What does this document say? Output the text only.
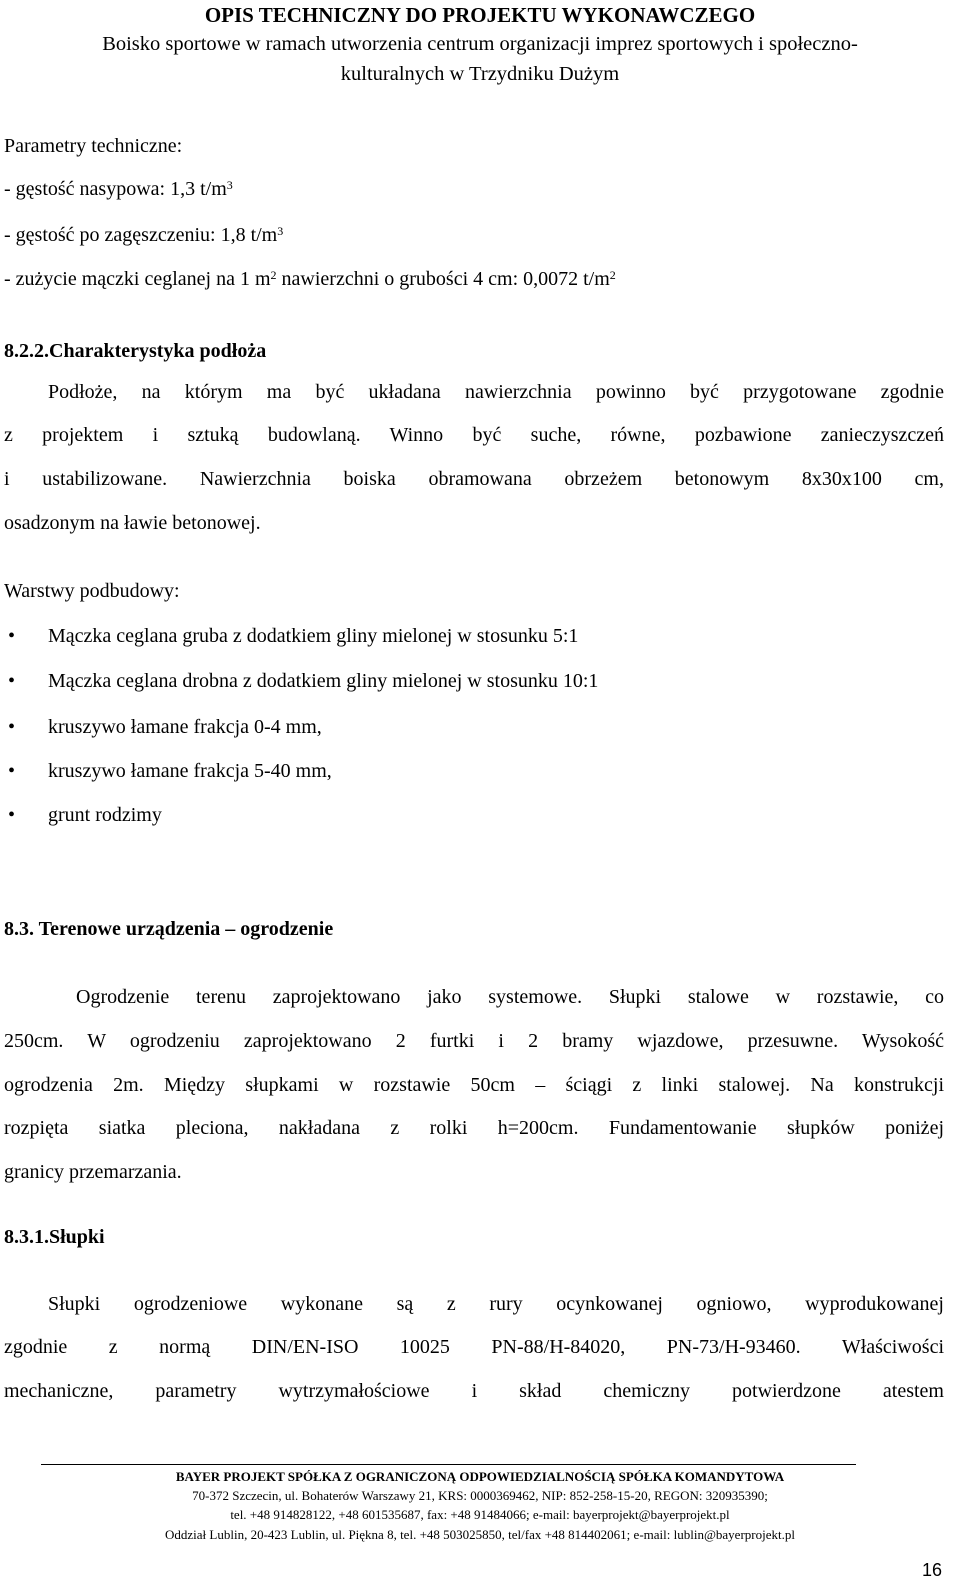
OPIS TECHNICZNY DO PROJEKTU WYKONAWCZEGO
Boisko sportowe w ramach utworzenia centrum organizacji imprez sportowych i społeczno-
kulturalnych w Trzydniku Dużym
Parametry techniczne:
- gęstość nasypowa: 1,3 $t/m^3$
- gęstość po zagęszczeniu: 1,8 $t/m^3$
- zużycie mączki ceglanej na 1 $m^2$ nawierzchni o grubości 4 cm: 0,0072 $t/m^2$
8.2.2.Charakterystyka podłoża
Podłoże, na którym ma być układana nawierzchnia powinno być przygotowane zgodnie
z projektem i sztuką budowlaną. Winno być suche, równe, pozbawione zanieczyszczeń
i ustabilizowane. Nawierzchnia boiska obramowana obrzeżem betonowym 8x30x100 cm,
osadzonym na ławie betonowej.
Warstwy podbudowy:
• Mączka ceglana gruba z dodatkiem gliny mielonej w stosunku 5:1
• Mączka ceglana drobna z dodatkiem gliny mielonej w stosunku 10:1
• kruszywo łamane frakcja 0-4 mm,
• kruszywo łamane frakcja 5-40 mm,
• grunt rodzimy
8.3. Terenowe urządzenia – ogrodzenie
Ogrodzenie terenu zaprojektowano jako systemowe. Słupki stalowe w rozstawie, co
250cm. W ogrodzeniu zaprojektowano 2 furtki i 2 bramy wjazdowe, przesuwne. Wysokość
ogrodzenia 2m. Między słupkami w rozstawie 50cm – ściągi z linki stalowej. Na konstrukcji
rozpięta siatka pleciona, nakładana z rolki h=200cm. Fundamentowanie słupków poniżej
granicy przemarzania.
8.3.1.Słupki
Słupki ogrodzeniowe wykonane są z rury ocynkowanej ogniowo, wyprodukowanej
zgodnie z normą DIN/EN-ISO 10025 PN-88/H-84020, PN-73/H-93460. Właściwości
mechaniczne, parametry wytrzymałościowe i skład chemiczny potwierdzone atestem
BAYER PROJEKT SPÓŁKA Z OGRANICZONĄ ODPOWIEDZIALNOŚCIĄ SPÓŁKA KOMANDYTOWA
70-372 Szczecin, ul. Bohaterów Warszawy 21, KRS: 0000369462, NIP: 852-258-15-20, REGON: 320935390;
tel. +48 914828122, +48 601535687, fax: +48 91484066; e-mail: bayerprojekt@bayerprojekt.pl
Oddział Lublin, 20-423 Lublin, ul. Piękna 8, tel. +48 503025850, tel/fax +48 814402061; e-mail: lublin@bayerprojekt.pl
16
